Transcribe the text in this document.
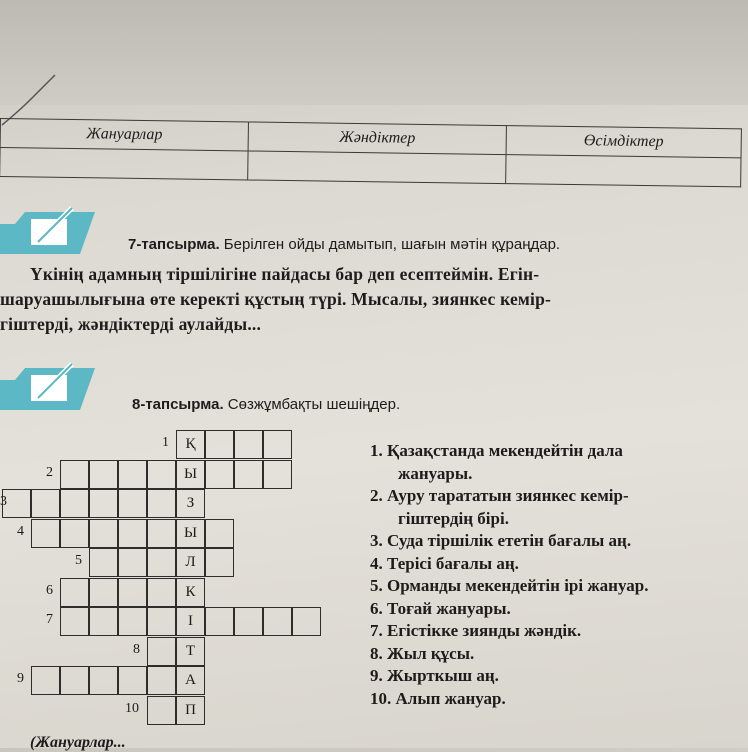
Жануарлар	Жәндіктер	Өсімдіктер

7-тапсырма. Берілген ойды дамытып, шағын мәтін құраңдар.
Үкінің адамның тіршілігіне пайдасы бар деп есептеймін. Егін-
шаруашылығына өте керекті құстың түрі. Мысалы, зиянкес кемір-
гіштерді, жәндіктерді аулайды...
8-тапсырма. Сөзжұмбақты шешіңдер.
Қ
1
Ы
2
З
3
Ы
4
Л
5
К
6
І
7
Т
8
А
9
П
10
1. Қазақстанда мекендейтін дала
жануары.
2. Ауру тарататын зиянкес кемір-
гіштердің бірі.
3. Суда тіршілік ететін бағалы аң.
4. Терісі бағалы аң.
5. Орманды мекендейтін ірі жануар.
6. Тоғай жануары.
7. Егістікке зиянды жәндік.
8. Жыл құсы.
9. Жырткыш аң.
10. Алып жануар.
(Жануарлар...
